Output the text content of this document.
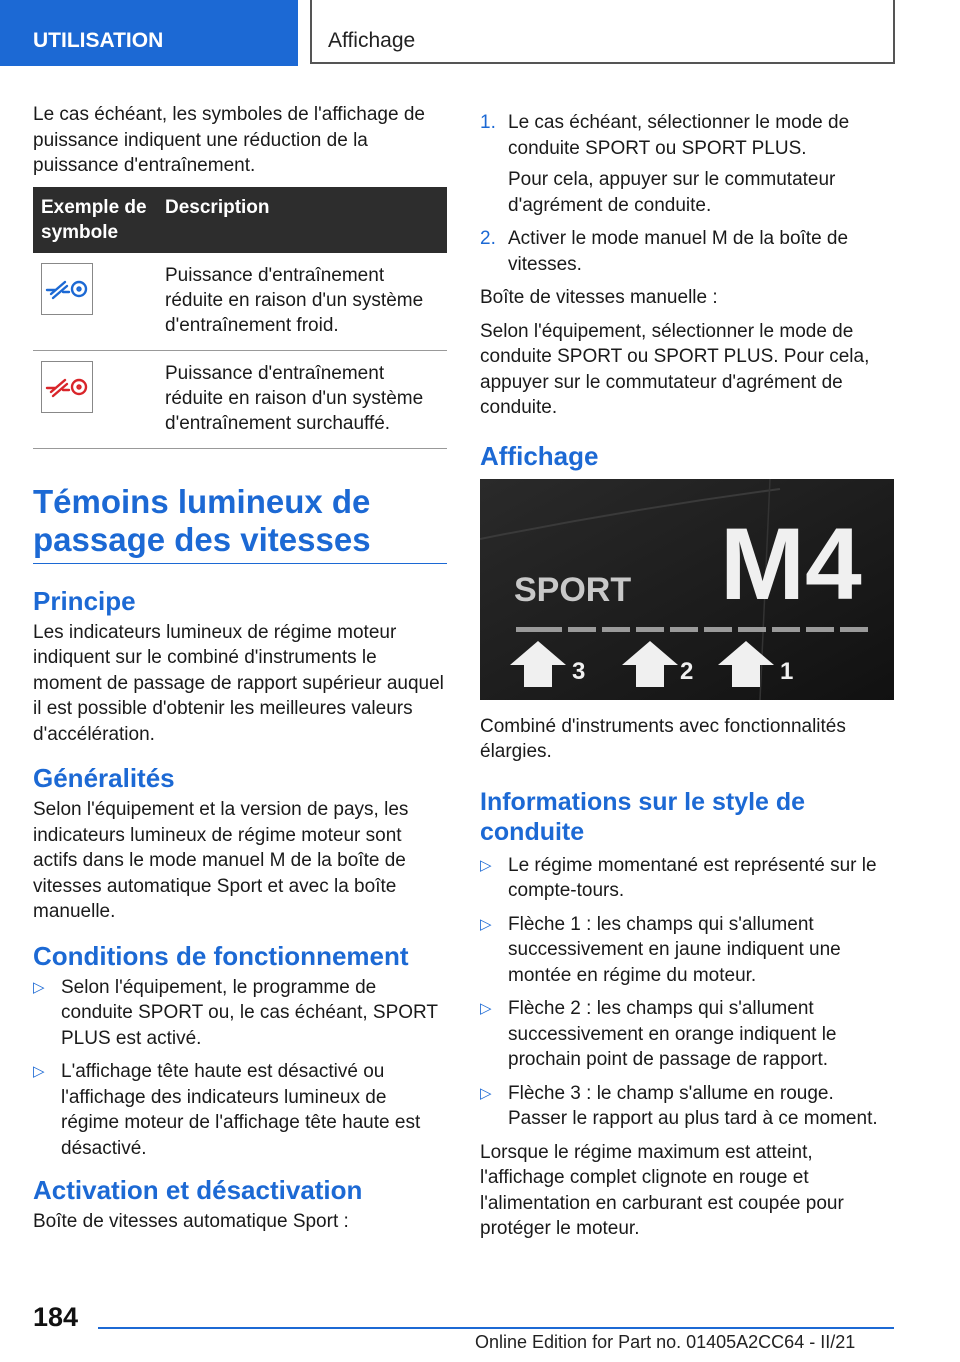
UTILISATION	Affichage

Le cas échéant, les symboles de l'affichage de puissance indiquent une réduction de la puissance d'entraînement.

Exemple de symbole	Description

	Puissance d'entraînement réduite en raison d'un système d'entraînement froid.

	Puissance d'entraînement réduite en raison d'un système d'entraînement surchauffé.
Témoins lumineux de passage des vitesses
Principe

Les indicateurs lumineux de régime moteur indiquent sur le combiné d'instruments le moment de passage de rapport supérieur auquel il est possible d'obtenir les meilleures valeurs d'accélération.

Généralités

Selon l'équipement et la version de pays, les indicateurs lumineux de régime moteur sont actifs dans le mode manuel M de la boîte de vitesses automatique Sport et avec la boîte manuelle.

Conditions de fonctionnement
▷ Selon l'équipement, le programme de conduite SPORT ou, le cas échéant, SPORT PLUS est activé.
▷ L'affichage tête haute est désactivé ou l'affichage des indicateurs lumineux de régime moteur de l'affichage tête haute est désactivé.
Activation et désactivation

Boîte de vitesses automatique Sport :

1. Le cas échéant, sélectionner le mode de conduite SPORT ou SPORT PLUS.
Pour cela, appuyer sur le commutateur d'agrément de conduite.
2. Activer le mode manuel M de la boîte de vitesses.

Boîte de vitesses manuelle :

Selon l'équipement, sélectionner le mode de conduite SPORT ou SPORT PLUS. Pour cela, appuyer sur le commutateur d'agrément de conduite.

Affichage
SPORT M4
3	2	1

Combiné d'instruments avec fonctionnalités élargies.

Informations sur le style de conduite
▷ Le régime momentané est représenté sur le compte-tours.
▷ Flèche 1 : les champs qui s'allument successivement en jaune indiquent une montée en régime du moteur.
▷ Flèche 2 : les champs qui s'allument successivement en orange indiquent le prochain point de passage de rapport.
▷ Flèche 3 : le champ s'allume en rouge. Passer le rapport au plus tard à ce moment.

Lorsque le régime maximum est atteint, l'affichage complet clignote en rouge et l'alimentation en carburant est coupée pour protéger le moteur.

184
Online Edition for Part no. 01405A2CC64 - II/21
